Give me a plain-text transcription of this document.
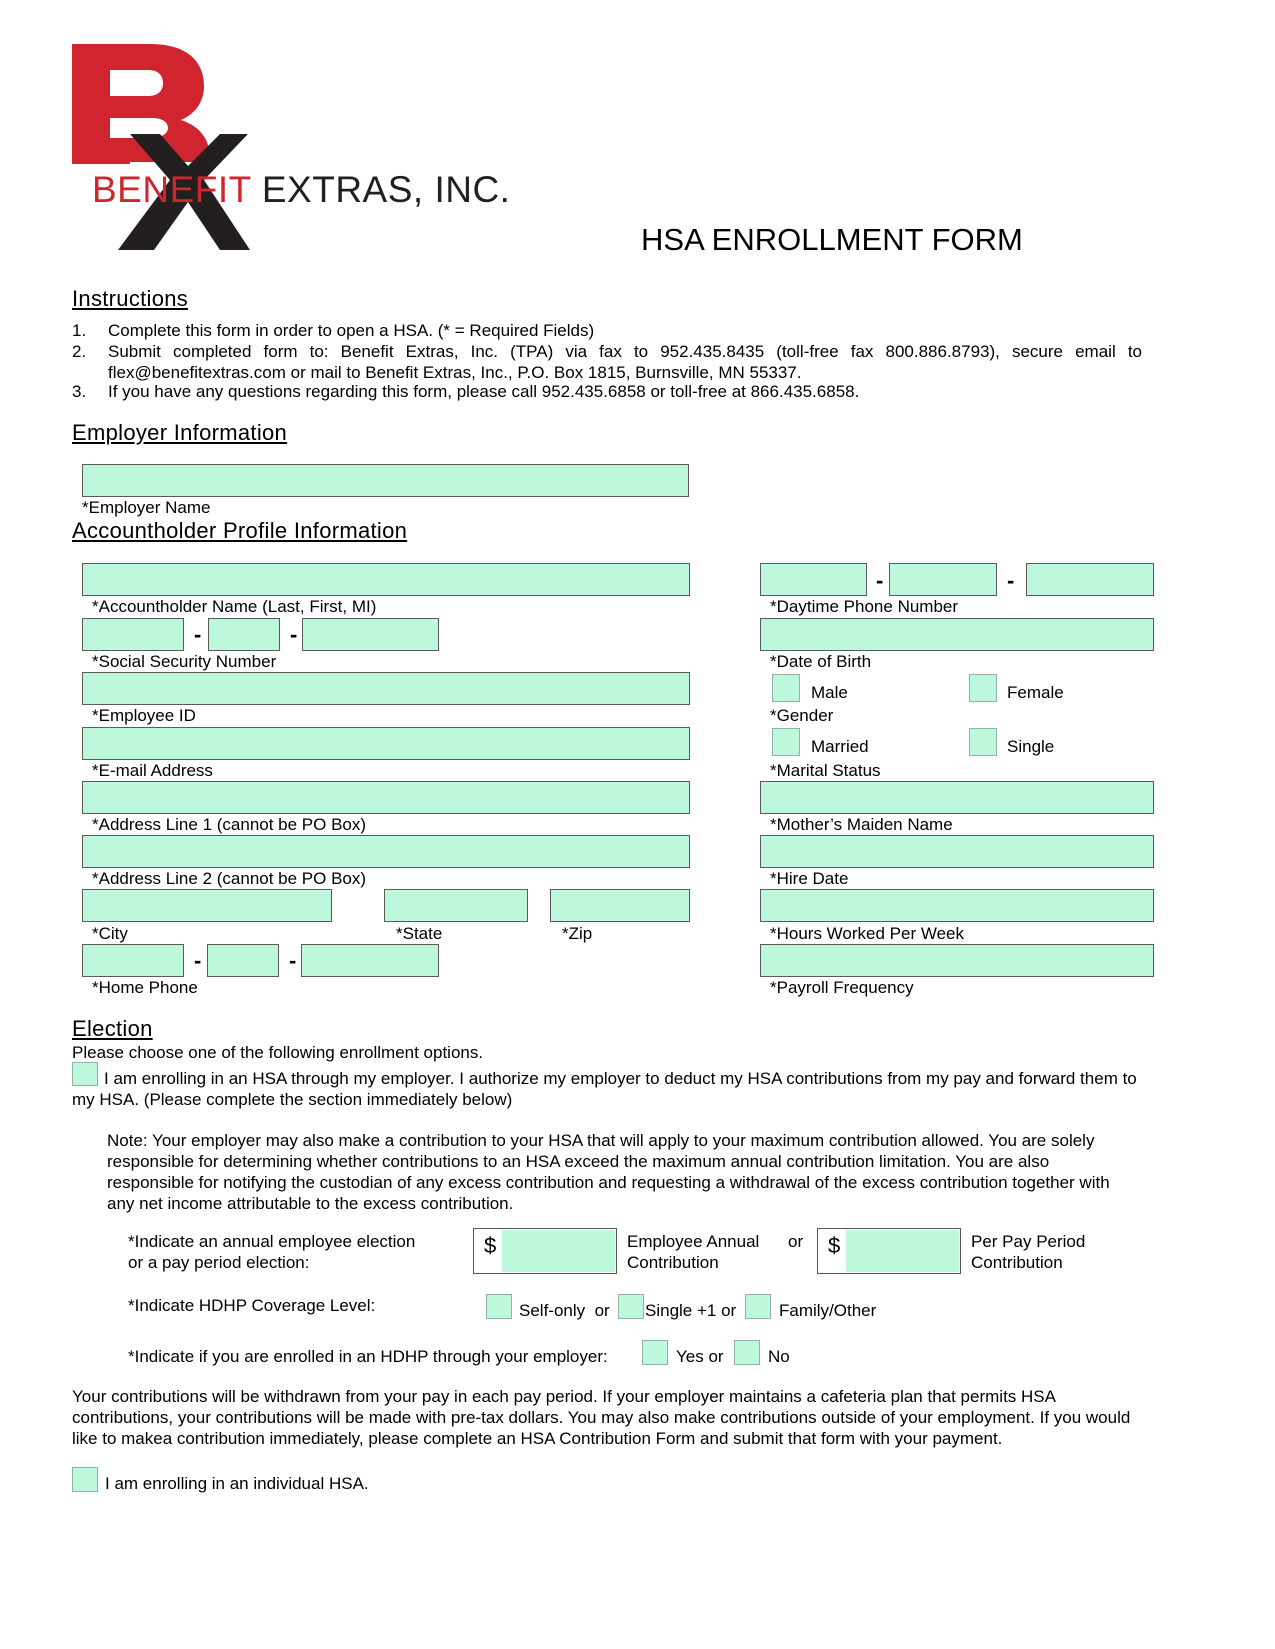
BENEFIT EXTRAS, INC.
HSA ENROLLMENT FORM
Instructions
1. Complete this form in order to open a HSA. (* = Required Fields)
2. Submit completed form to: Benefit Extras, Inc. (TPA) via fax to 952.435.8435 (toll-free fax 800.886.8793), secure email to flex@benefitextras.com or mail to Benefit Extras, Inc., P.O. Box 1815, Burnsville, MN 55337.
3. If you have any questions regarding this form, please call 952.435.6858 or toll-free at 866.435.6858.
Employer Information
*Employer Name
Accountholder Profile Information
*Accountholder Name (Last, First, MI)
-	-
*Social Security Number
*Employee ID
*E-mail Address
*Address Line 1 (cannot be PO Box)
*Address Line 2 (cannot be PO Box)
*City	*State	*Zip
-	-
*Home Phone
-	-
*Daytime Phone Number
*Date of Birth
Male	Female
*Gender
Married	Single
*Marital Status
*Mother’s Maiden Name
*Hire Date
*Hours Worked Per Week
*Payroll Frequency
Election
Please choose one of the following enrollment options.
I am enrolling in an HSA through my employer. I authorize my employer to deduct my HSA contributions from my pay and forward them to my HSA. (Please complete the section immediately below)
Note: Your employer may also make a contribution to your HSA that will apply to your maximum contribution allowed. You are solely responsible for determining whether contributions to an HSA exceed the maximum annual contribution limitation. You are also responsible for notifying the custodian of any excess contribution and requesting a withdrawal of the excess contribution together with any net income attributable to the excess contribution.
*Indicate an annual employee election
or a pay period election:
$	Employee Annual
Contribution
or $	Per Pay Period
Contribution
*Indicate HDHP Coverage Level:	Self-only  or Single +1 or	Family/Other
*Indicate if you are enrolled in an HDHP through your employer:	Yes or	No
Your contributions will be withdrawn from your pay in each pay period. If your employer maintains a cafeteria plan that permits HSA contributions, your contributions will be made with pre-tax dollars. You may also make contributions outside of your employment. If you would like to makea contribution immediately, please complete an HSA Contribution Form and submit that form with your payment.
I am enrolling in an individual HSA.
